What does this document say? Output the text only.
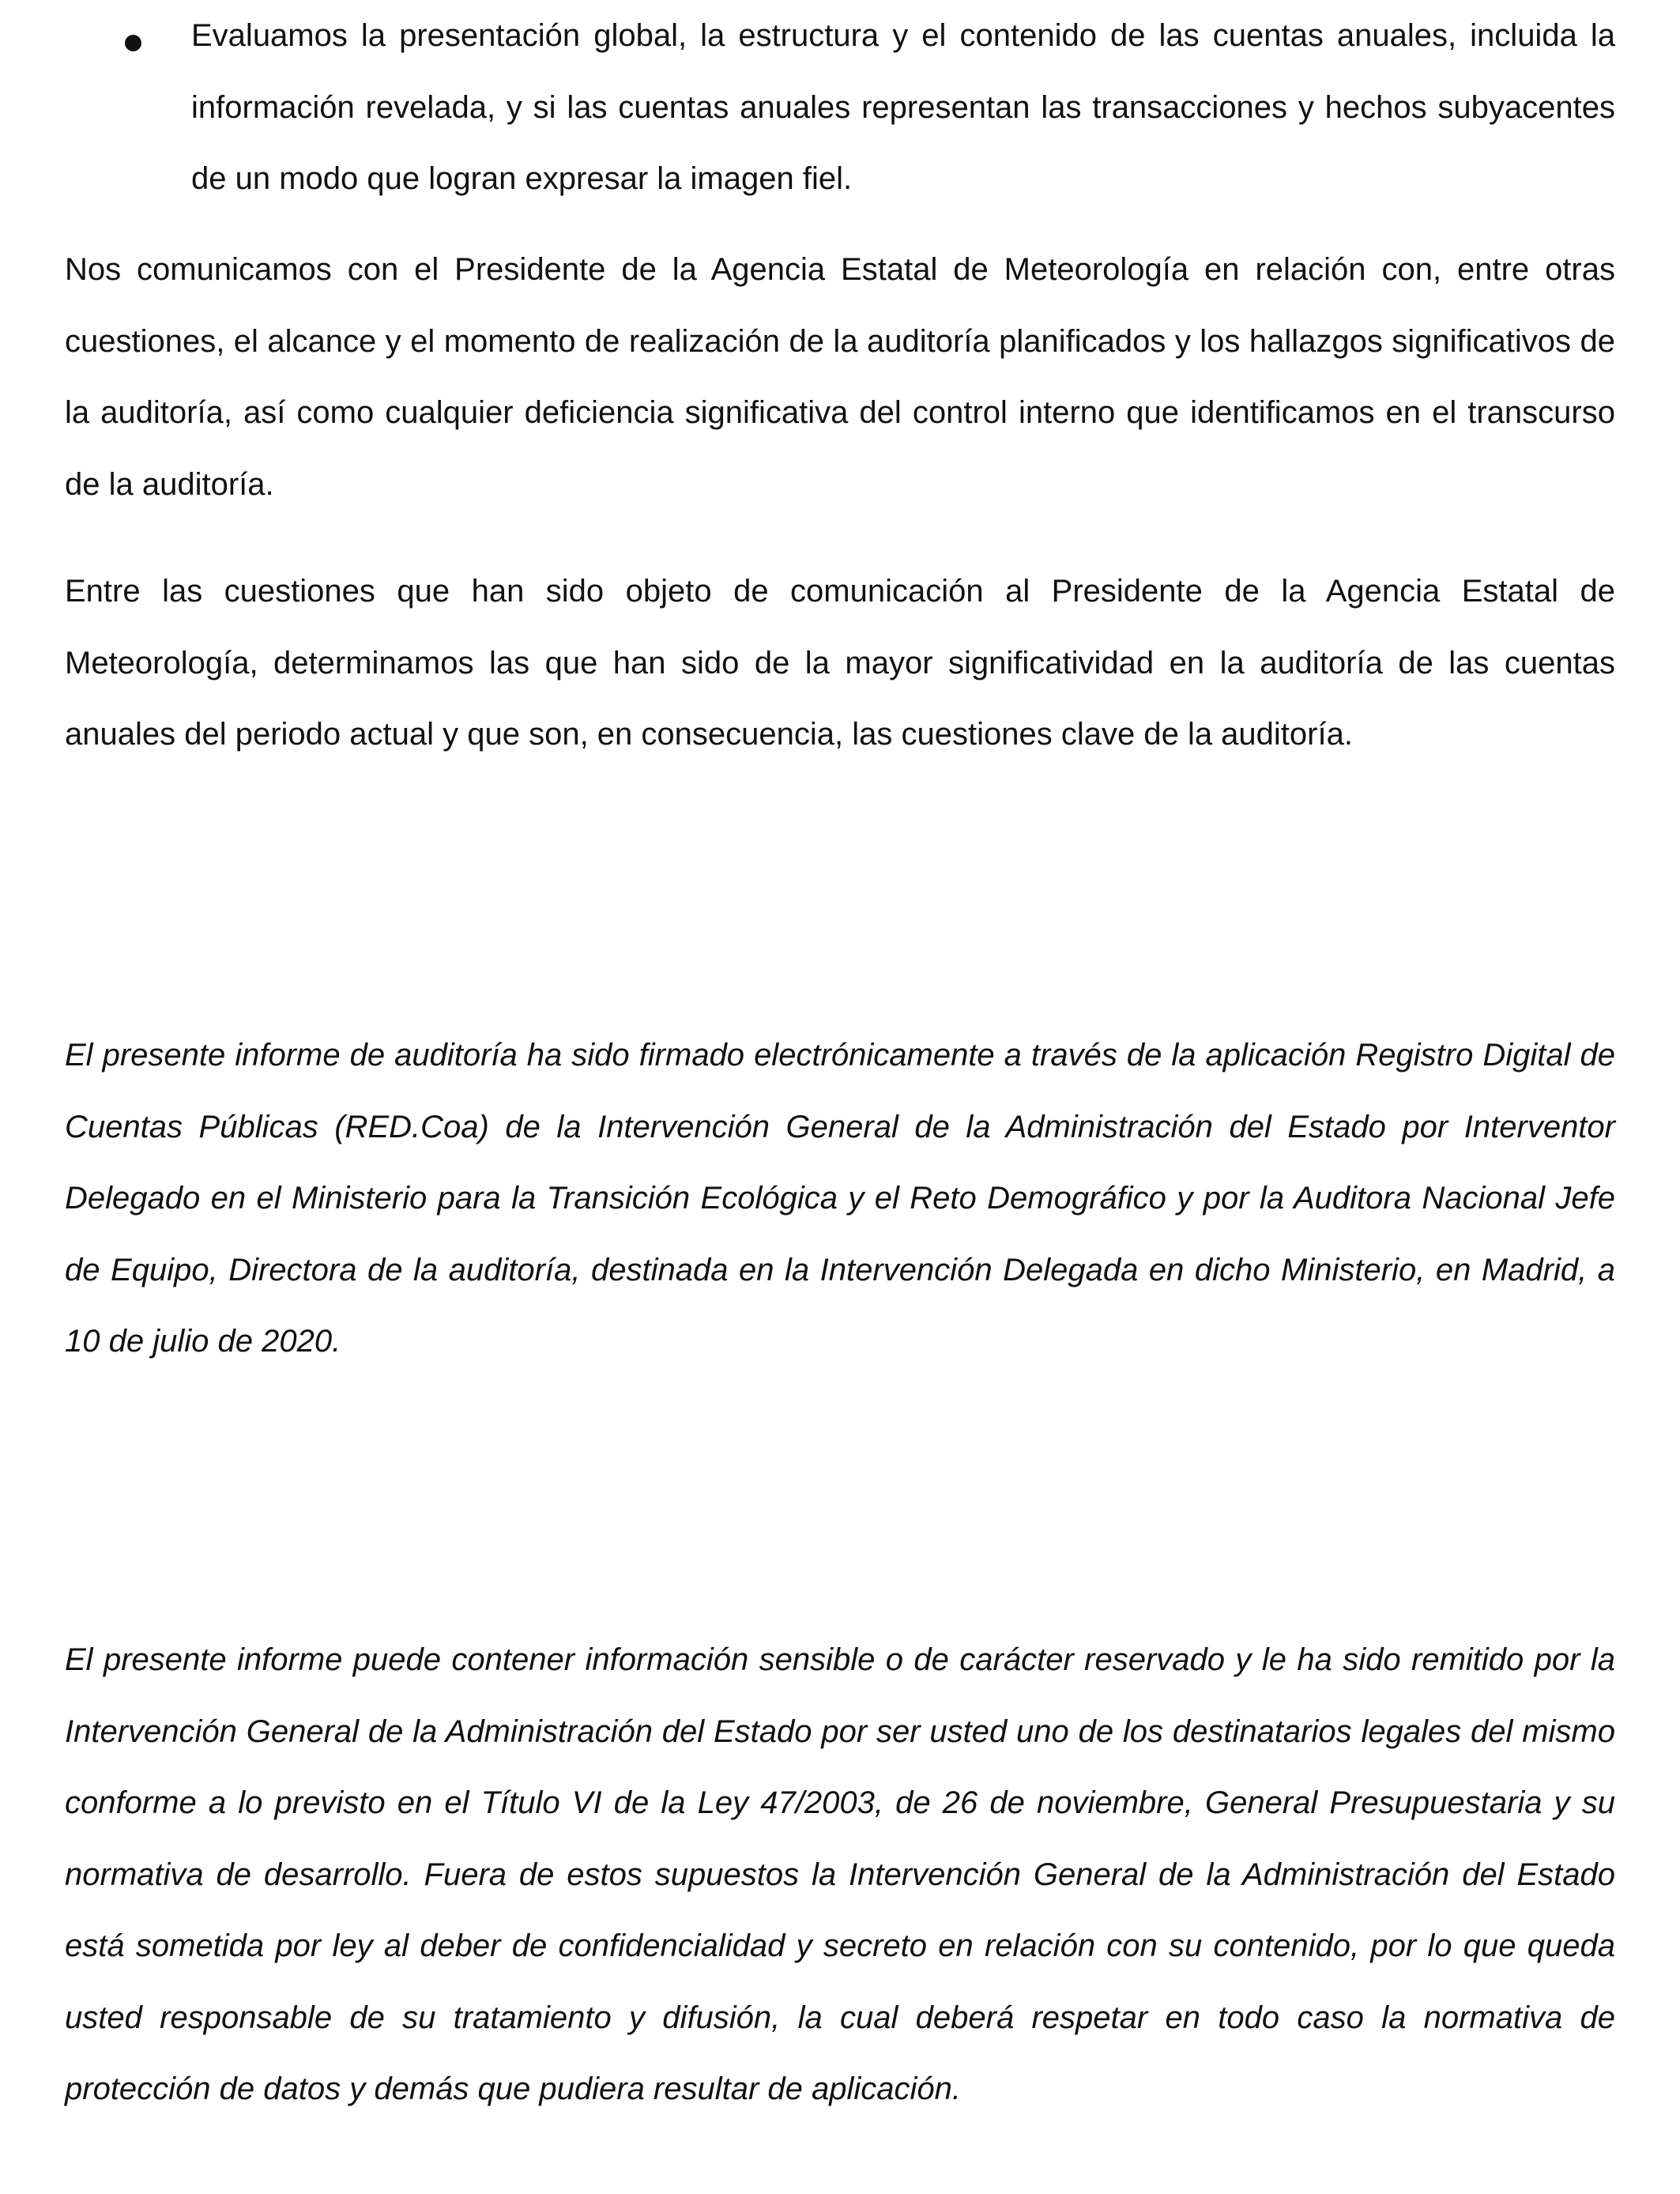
Evaluamos la presentación global, la estructura y el contenido de las cuentas anuales, incluida la información revelada, y si las cuentas anuales representan las transacciones y hechos subyacentes de un modo que logran expresar la imagen fiel.

Nos comunicamos con el Presidente de la Agencia Estatal de Meteorología en relación con, entre otras cuestiones, el alcance y el momento de realización de la auditoría planificados y los hallazgos significativos de la auditoría, así como cualquier deficiencia significativa del control interno que identificamos en el transcurso de la auditoría.

Entre las cuestiones que han sido objeto de comunicación al Presidente de la Agencia Estatal de Meteorología, determinamos las que han sido de la mayor significatividad en la auditoría de las cuentas anuales del periodo actual y que son, en consecuencia, las cuestiones clave de la auditoría.

El presente informe de auditoría ha sido firmado electrónicamente a través de la aplicación Registro Digital de Cuentas Públicas (RED.Coa) de la Intervención General de la Administración del Estado por Interventor Delegado en el Ministerio para la Transición Ecológica y el Reto Demográfico y por la Auditora Nacional Jefe de Equipo, Directora de la auditoría, destinada en la Intervención Delegada en dicho Ministerio, en Madrid, a 10 de julio de 2020.

El presente informe puede contener información sensible o de carácter reservado y le ha sido remitido por la Intervención General de la Administración del Estado por ser usted uno de los destinatarios legales del mismo conforme a lo previsto en el Título VI de la Ley 47/2003, de 26 de noviembre, General Presupuestaria y su normativa de desarrollo. Fuera de estos supuestos la Intervención General de la Administración del Estado está sometida por ley al deber de confidencialidad y secreto en relación con su contenido, por lo que queda usted responsable de su tratamiento y difusión, la cual deberá respetar en todo caso la normativa de protección de datos y demás que pudiera resultar de aplicación.
